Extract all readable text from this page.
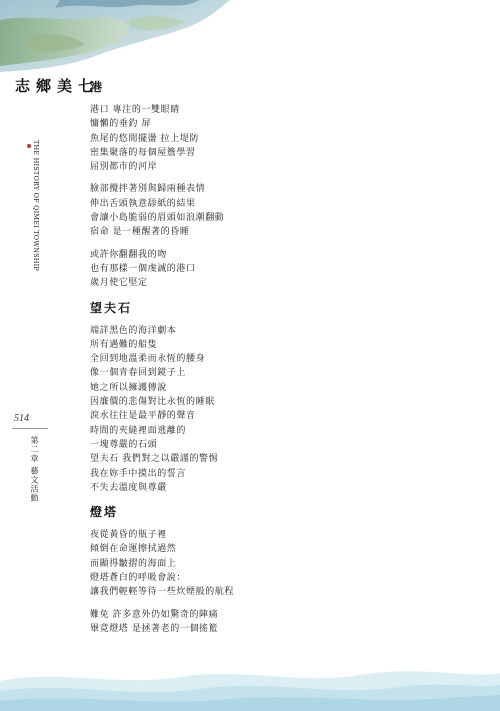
七美鄉志
THE HISTORY OF QIMEI TOWNSHIP
514
第二章 藝文活動
港
港口 專注的一雙眼睛
慵懶的垂釣 屏
魚尾的悠閒擺盪 拉上堤防
密集聚落的每個屋簷學習
屈別都市的河岸
臉部攪拌著別與歸兩種表情
伸出舌頭執意舔紙的結果
會讓小島脆弱的眉頭如浪潮翻動
宿命 是一種醒著的昏睡
或許你翻翻我的吻
也有那樣一個虔誠的港口
歲月使它堅定
望夫石
端詳黑色的海洋劇本
所有遇難的船隻
全回到地溫柔而永恆的腰身
像一個青春回到鏡子上
她之所以擁護傳說
因廉價的悲傷對比永恆的睡眠
淚水往往是最平靜的聲音
時間的夾縫裡面逃離的
一塊尊嚴的石頭
望夫石 我們對之以嚴謹的警惕
我在妳手中摸出的誓言
不失去溫度與尊嚴
燈塔
夜從黃昏的瓶子裡
傾倒在命運擦拭過然
而顯得皺摺的海面上
燈塔蒼白的呼吸會說：
讓我們輕輕等待一些炊煙般的航程
難免 許多意外仍如驚奇的陣痛
畢竟燈塔 是拯著老的一個搖籃
